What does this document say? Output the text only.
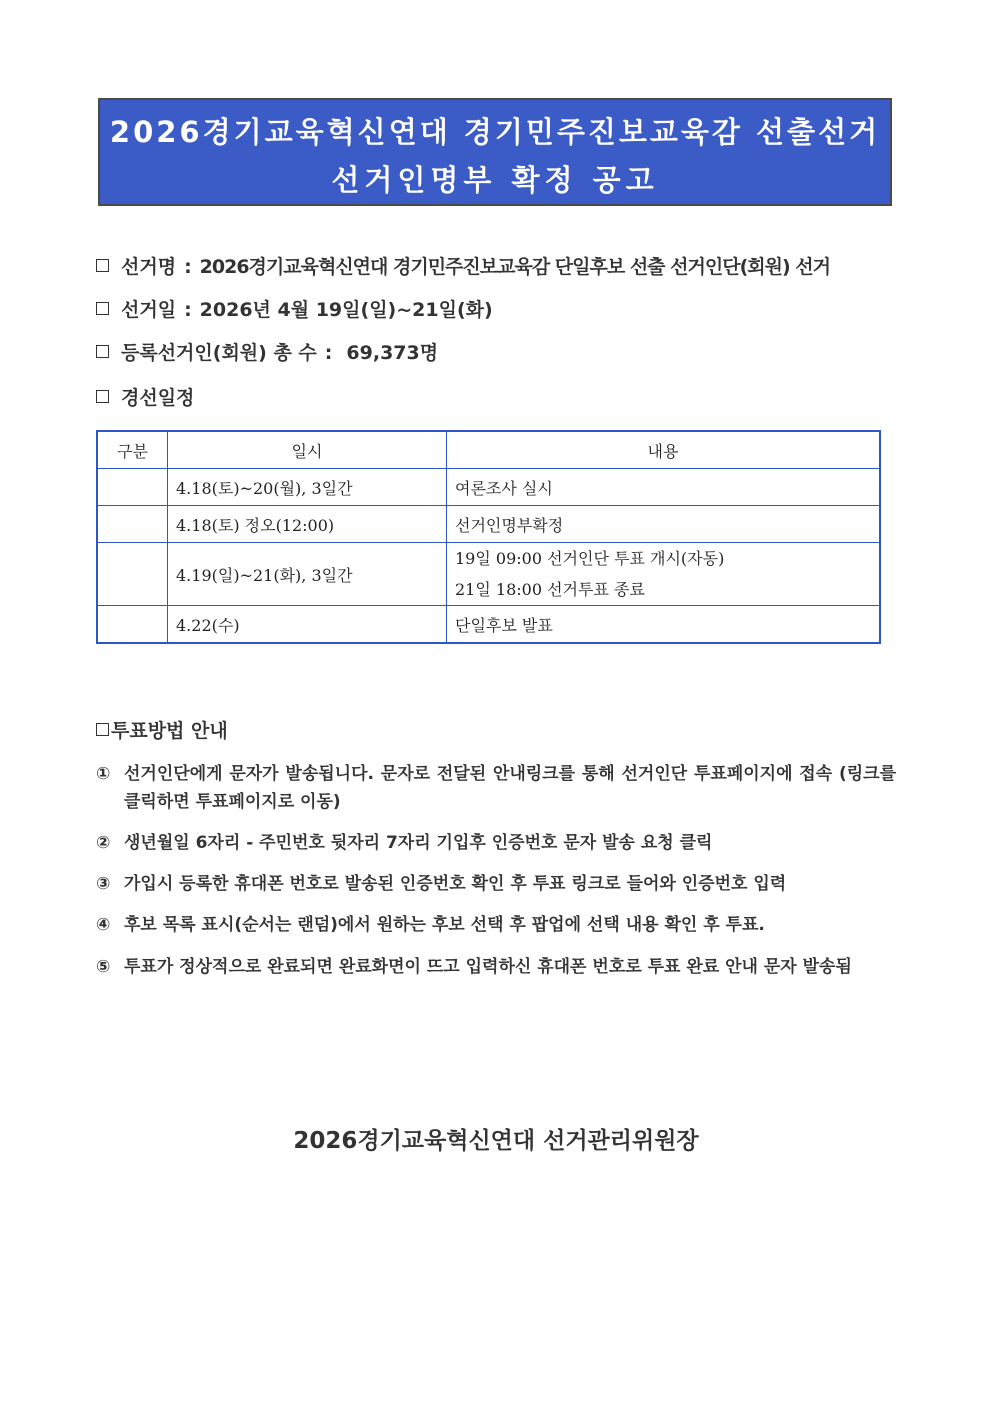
2026경기교육혁신연대 경기민주진보교육감 선출선거
선거인명부 확정 공고
선거명 : 2026경기교육혁신연대 경기민주진보교육감 단일후보 선출 선거인단(회원) 선거
선거일 : 2026년 4월 19일(일)~21일(화)
등록선거인(회원) 총 수 : 69,373명
경선일정
구분	일시	내용
	4.18(토)~20(월), 3일간	여론조사 실시
	4.18(토) 정오(12:00)	선거인명부확정
	4.19(일)~21(화), 3일간	19일 09:00 선거인단 투표 개시(자동)
21일 18:00 선거투표 종료

	4.22(수)	단일후보 발표
투표방법 안내
① 선거인단에게 문자가 발송됩니다. 문자로 전달된 안내링크를 통해 선거인단 투표페이지에 접속 (링크를 클릭하면 투표페이지로 이동)
② 생년월일 6자리 - 주민번호 뒷자리 7자리 기입후 인증번호 문자 발송 요청 클릭
③ 가입시 등록한 휴대폰 번호로 발송된 인증번호 확인 후 투표 링크로 들어와 인증번호 입력
④ 후보 목록 표시(순서는 랜덤)에서 원하는 후보 선택 후 팝업에 선택 내용 확인 후 투표.
⑤ 투표가 정상적으로 완료되면 완료화면이 뜨고 입력하신 휴대폰 번호로 투표 완료 안내 문자 발송됨
2026경기교육혁신연대 선거관리위원장
